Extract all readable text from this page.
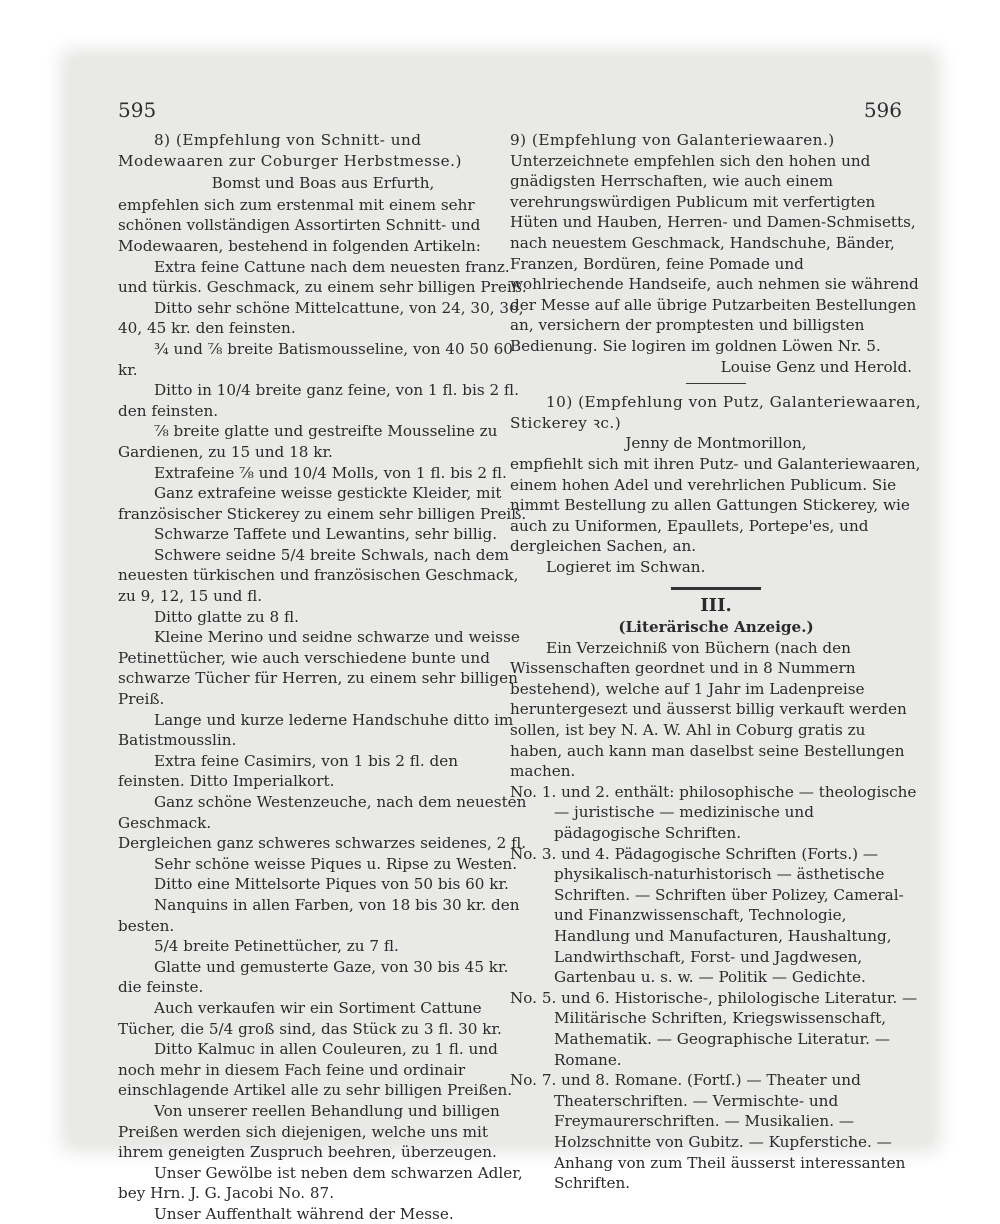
595	596

8) (Empfehlung von Schnitt- und

Modewaaren zur Coburger Herbstmesse.)

Bomst und Boas aus Erfurth,

empfehlen sich zum erstenmal mit einem sehr schönen vollständigen Assortirten Schnitt- und Modewaaren, bestehend in folgenden Artikeln:

Extra feine Cattune nach dem neuesten franz. und türkis. Geschmack, zu einem sehr billigen Preiß.

Ditto sehr schöne Mittelcattune, von 24, 30, 36, 40, 45 kr. den feinsten.

¾ und ⅞ breite Batismousseline, von 40 50 60 kr.

Ditto in 10/4 breite ganz feine, von 1 fl. bis 2 fl. den feinsten.

⅞ breite glatte und gestreifte Mousseline zu Gardienen, zu 15 und 18 kr.

Extrafeine ⅞ und 10/4 Molls, von 1 fl. bis 2 fl.

Ganz extrafeine weisse gestickte Kleider, mit französischer Stickerey zu einem sehr billigen Preiß.

Schwarze Taffete und Lewantins, sehr billig.

Schwere seidne 5/4 breite Schwals, nach dem neuesten türkischen und französischen Geschmack, zu 9, 12, 15 und fl.

Ditto glatte zu 8 fl.

Kleine Merino und seidne schwarze und weisse Petinettücher, wie auch verschiedene bunte und schwarze Tücher für Herren, zu einem sehr billigen Preiß.

Lange und kurze lederne Handschuhe ditto im Batistmousslin.

Extra feine Casimirs, von 1 bis 2 fl. den feinsten. Ditto Imperialkort.

Ganz schöne Westenzeuche, nach dem neuesten Geschmack.

Dergleichen ganz schweres schwarzes seidenes, 2 fl.

Sehr schöne weisse Piques u. Ripse zu Westen.

Ditto eine Mittelsorte Piques von 50 bis 60 kr.

Nanquins in allen Farben, von 18 bis 30 kr. den besten.

5/4 breite Petinettücher, zu 7 fl.

Glatte und gemusterte Gaze, von 30 bis 45 kr. die feinste.

Auch verkaufen wir ein Sortiment Cattune Tücher, die 5/4 groß sind, das Stück zu 3 fl. 30 kr.

Ditto Kalmuc in allen Couleuren, zu 1 fl. und noch mehr in diesem Fach feine und ordinair einschlagende Artikel alle zu sehr billigen Preißen.

Von unserer reellen Behandlung und billigen Preißen werden sich diejenigen, welche uns mit ihrem geneigten Zuspruch beehren, überzeugen.

Unser Gewölbe ist neben dem schwarzen Adler, bey Hrn. J. G. Jacobi No. 87.

Unser Auffenthalt während der Messe.

9) (Empfehlung von Galanteriewaaren.)

Unterzeichnete empfehlen sich den hohen und gnädigsten Herrschaften, wie auch einem verehrungswürdigen Publicum mit verfertigten Hüten und Hauben, Herren- und Damen-Schmisetts, nach neuestem Geschmack, Handschuhe, Bänder, Franzen, Bordüren, feine Pomade und wohlriechende Handseife, auch nehmen sie während der Messe auf alle übrige Putzarbeiten Bestellungen an, versichern der promptesten und billigsten Bedienung. Sie logiren im goldnen Löwen Nr. 5.

Louise Genz und Herold.

10) (Empfehlung von Putz, Galanteriewaaren, Stickerey ꝛc.)

Jenny de Montmorillon,

empfiehlt sich mit ihren Putz- und Galanteriewaaren, einem hohen Adel und verehrlichen Publicum. Sie nimmt Bestellung zu allen Gattungen Stickerey, wie auch zu Uniformen, Epaullets, Portepe'es, und dergleichen Sachen, an.

Logieret im Schwan.

III.

(Literärische Anzeige.)

Ein Verzeichniß von Büchern (nach den Wissenschaften geordnet und in 8 Nummern bestehend), welche auf 1 Jahr im Ladenpreise heruntergesezt und äusserst billig verkauft werden sollen, ist bey N. A. W. Ahl in Coburg gratis zu haben, auch kann man daselbst seine Bestellungen machen.

No. 1. und 2. enthält: philosophische — theologische — juristische — medizinische und pädagogische Schriften.

No. 3. und 4. Pädagogische Schriften (Forts.) — physikalisch-naturhistorisch — ästhetische Schriften. — Schriften über Polizey, Cameral- und Finanzwissenschaft, Technologie, Handlung und Manufacturen, Haushaltung, Landwirthschaft, Forst- und Jagdwesen, Gartenbau u. s. w. — Politik — Gedichte.

No. 5. und 6. Historische-, philologische Literatur. — Militärische Schriften, Kriegswissenschaft, Mathematik. — Geographische Literatur. — Romane.

No. 7. und 8. Romane. (Fortſ.) — Theater und Theaterschriften. — Vermischte- und Freymaurerschriften. — Musikalien. — Holzschnitte von Gubitz. — Kupferstiche. — Anhang von zum Theil äusserst interessanten Schriften.
